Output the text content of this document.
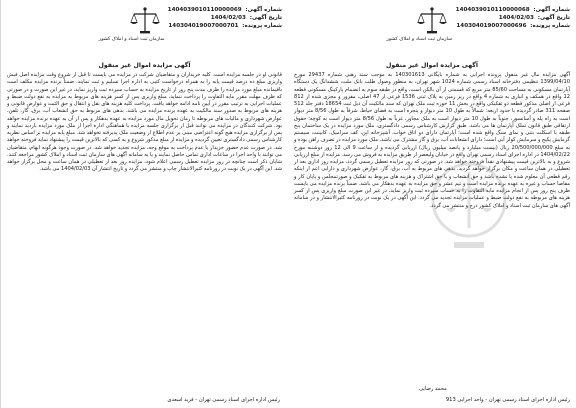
شماره آگهی: 1404039010110000068
تاریخ آگهی: 1404/02/03
شماره پرونده: 140304019007000696
سازمان ثبت اسناد و املاک کشور
آگهی مزایده اموال غیر منقول

آگهی مزایده مال غیر منقول پرونده اجرایی به شماره بایگانی 140301613 به موجب سند رهنی شماره 29437 مورخ 1399/04/10 تنظیمی دفترخانه اسناد رسمی شماره 1024 شهر تهران، به منظور وصول طلب بانک ملت، ششدانگ یک دستگاه آپارتمان مسکونی به مساحت 85/60 متر مربع که قسمتی از آن بالکن است، واقع در طبقه سوم به انضمام پارکینگ مسکونی قطعه 12 واقع در همکف و انباری به شماره 4 واقع در زیر زمین به پلاک ثبتی 1536 فرعی از 47 اصلی، مفروز و مجزی شده از 812 فرعی از اصلی مذکور قطعه دو تفکیکی واقع در بخش 11 حوزه ثبت ملک تهران که سند مالکیت آن ذیل ثبت 18654 دفتر جلد 512 صفحه 311 صادر گردیده با حدود اربعه: شمالاً به طول 10 متر دیوار و پنجره است به فضای حیاط، شرقاً به طول 8/56 متر دیوار است به راه پله و آسانسور، جنوباً به طول 10 متر دیوار است به ملک مجاور، غرباً به طول 8/56 متر دیوار است به کوچه؛ حقوق ارتفاقی طبق قانون تملک آپارتمان ها می باشد. طبق گزارش کارشناس رسمی دادگستری، ملک مورد مزایده در یک ساختمان پنج طبقه با اسکلت بتنی و نمای سنگ واقع شده است؛ آپارتمان دارای دو اتاق خواب، آشپزخانه اپن، کف سرامیک، کابینت، سیستم گرمایش پکیج و سرمایش کولر آبی است؛ دارای انشعابات آب، برق و گاز مشترک می باشد. ملک مورد مزایده در تصرف راهن بوده و به مبلغ 20/500/000/000 ریال (بیست میلیارد و پانصد میلیون ریال) ارزیابی گردیده و از ساعت 9 الی 12 روز دوشنبه مورخ 1404/02/22 در اداره اجرای اسناد رسمی تهران واقع در خیابان ولیعصر از طریق مزایده به فروش می رسد. مزایده از مبلغ ارزیابی شروع و به بالاترین قیمت پیشنهادی نقداً فروخته خواهد شد. در صورتی که روز مزایده تعطیل رسمی گردد، مزایده روز اداری بعد از تعطیلی در همان ساعت و مکان برگزار خواهد گردید. بدهی های مربوط به آب، برق، گاز، عوارض شهرداری و دارایی اعم از اینکه رقم قطعی آن معلوم شده یا نشده باشد و حق انشعاب و یا حق اشتراک و هزینه های مربوط به تفکیک و صورتمجلس و پایان کار و مفاصا حساب و غیره به عهده برنده مزایده است و نیم عشر و حق مزایده به عهده بدهکار می باشد. ضمناً برنده مزایده می بایست ظرف پنج روز پس از انجام مزایده مابه التفاوت را به حساب سپرده ثبت واریز نماید، در غیر این صورت مبلغ واریزی پس از کسر هزینه های مربوطه به نفع دولت ضبط و عملیات مزایده تجدید می گردد. این آگهی در یک نوبت در روزنامه کثیرالانتشار و در سامانه آگهی های سازمان ثبت اسناد و املاک کشور درج و منتشر می گردد.

محمد رضایی
رئیس اداره اجرای اسناد رسمی تهران - واحد اجرایی 913
شماره آگهی: 1404039010110000069
تاریخ آگهی: 1404/02/03
شماره پرونده: 140304019007000701
سازمان ثبت اسناد و املاک کشور
آگهی مزایده اموال غیر منقول

قانونی او در جلسه مزایده است. کلیه خریداران و متقاضیان شرکت در مزایده می بایست تا قبل از شروع وقت مزایده اصل فیش واریزی مبلغ ده درصد قیمت پایه را به همراه درخواست کتبی به اداره اجرا تسلیم و ثبت نمایند. ضمناً برنده مزایده مکلف است باقیمانده مبلغ مورد مزایده را ظرف مدت پنج روز از تاریخ مزایده به حساب سپرده ثبت واریز نماید، در غیر این صورت و در صورتی که ظرف مهلت مقرر مابه التفاوت را پرداخت ننماید، مبلغ واریزی پس از کسر هزینه های مربوط به مزایده به نفع دولت ضبط و عملیات اجرایی به ترتیب مقرر در آیین نامه ادامه خواهد یافت. پرداخت کلیه هزینه های نقل و انتقال و حق الثبت و عوارض قانونی و هزینه های مربوط به صدور سند مالکیت به عهده برنده مزایده می باشد. بدهی های مربوط به حق انشعاب آب، برق، گاز، تلفن، عوارض شهرداری و مالیات های مربوطه تا زمان تحویل مال مورد مزایده به عهده بدهکار و پس از آن به عهده برنده مزایده خواهد بود. شرکت کنندگان در مزایده می توانند قبل از برگزاری جلسه مزایده با هماهنگی اداره اجرا از ملک مورد مزایده بازدید نمایند و پس از برگزاری مزایده هیچ گونه اعتراضی مبنی بر عدم اطلاع از وضعیت ملک پذیرفته نخواهد شد. مبلغ پایه مزایده بر اساس نظریه کارشناس رسمی دادگستری تعیین گردیده و مزایده از مبلغ مذکور شروع و به کسی که بالاترین قیمت را پیشنهاد نماید فروخته خواهد شد. در صورت عدم حضور خریدار یا عدم پرداخت به موقع وجه، مزایده تجدید خواهد شد. در صورت وجود هرگونه ابهام، متقاضیان می توانند با واحد اجرا در ساعات اداری تماس حاصل نمایند و یا به سامانه آگهی های سازمان ثبت اسناد و املاک کشور مراجعه کنند. شایان ذکر است چنانچه در روز مزایده تعطیل رسمی اعلام شود، مزایده روز بعد از تعطیلی در همان ساعت و محل برگزار خواهد شد. این آگهی در یک نوبت در روزنامه کثیرالانتشار چاپ و منتشر می گردد و تاریخ انتشار آن 1404/02/03 می باشد.

رئیس اداره اجرای اسناد رسمی تهران - فرید اسعدی
